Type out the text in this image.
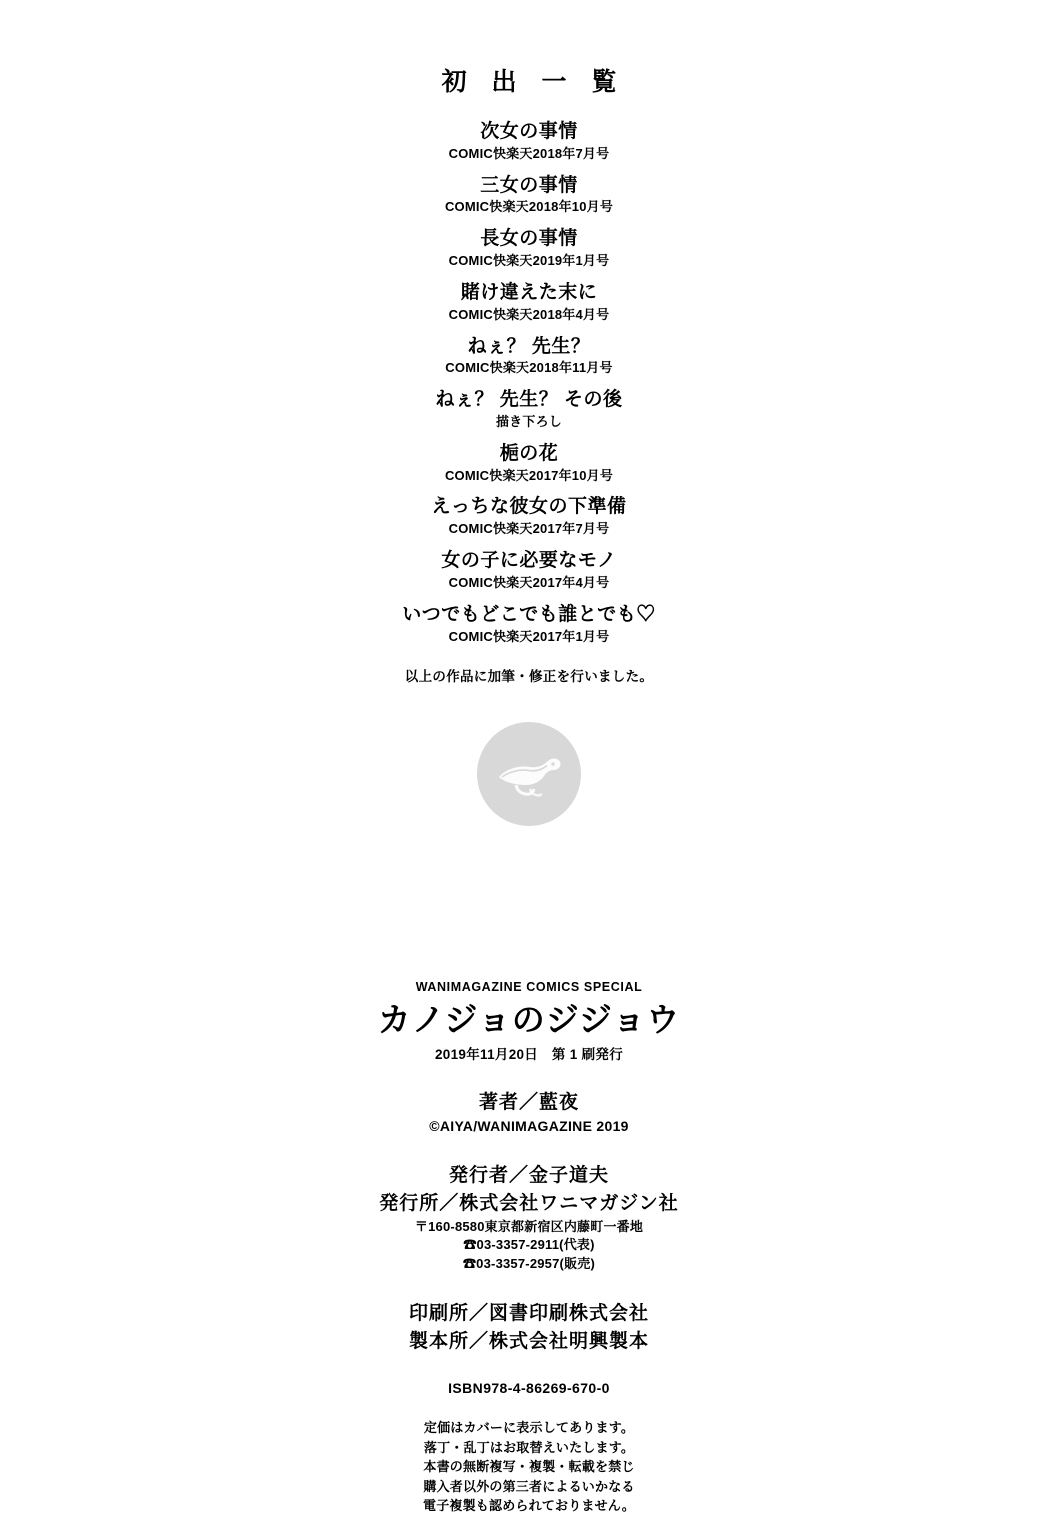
初 出 一 覧
次女の事情
COMIC快楽天2018年7月号
三女の事情
COMIC快楽天2018年10月号
長女の事情
COMIC快楽天2019年1月号
賭け違えた末に
COMIC快楽天2018年4月号
ねぇ？ 先生？
COMIC快楽天2018年11月号
ねぇ？ 先生？ その後
描き下ろし
梔の花
COMIC快楽天2017年10月号
えっちな彼女の下準備
COMIC快楽天2017年7月号
女の子に必要なモノ
COMIC快楽天2017年4月号
いつでもどこでも誰とでも♡
COMIC快楽天2017年1月号
以上の作品に加筆・修正を行いました。
WANIMAGAZINE COMICS SPECIAL
カノジョのジジョウ
2019年11月20日　第 1 刷発行
著者／藍夜
©AIYA/WANIMAGAZINE 2019
発行者／金子道夫
発行所／株式会社ワニマガジン社
〒160-8580東京都新宿区内藤町一番地
☎03-3357-2911(代表)
☎03-3357-2957(販売)
印刷所／図書印刷株式会社
製本所／株式会社明興製本
ISBN978-4-86269-670-0
定価はカバーに表示してあります。
落丁・乱丁はお取替えいたします。
本書の無断複写・複製・転載を禁じ
購入者以外の第三者によるいかなる
電子複製も認められておりません。
